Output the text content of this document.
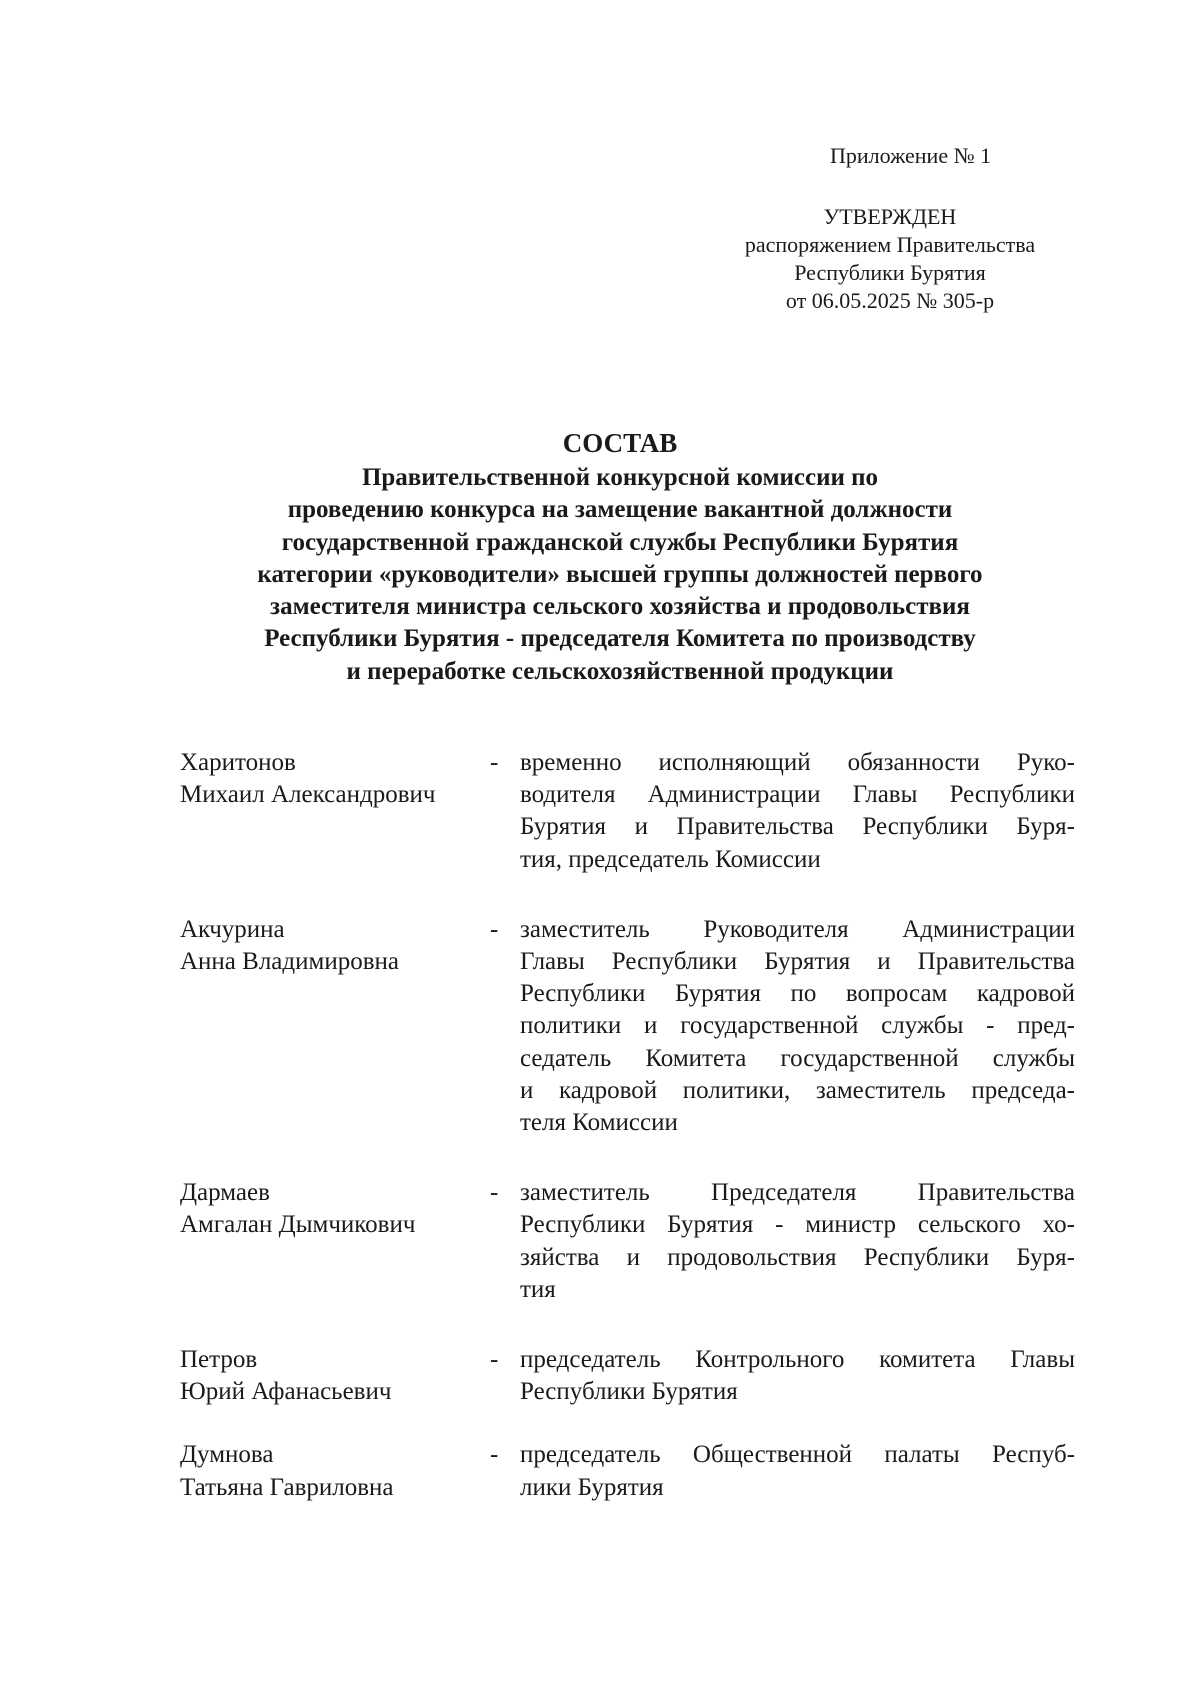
Приложение № 1
УТВЕРЖДЕН
распоряжением Правительства
Республики Бурятия
от 06.05.2025 № 305-р
СОСТАВ
Правительственной конкурсной комиссии по
проведению конкурса на замещение вакантной должности
государственной гражданской службы Республики Бурятия
категории «руководители» высшей группы должностей первого
заместителя министра сельского хозяйства и продовольствия
Республики Бурятия - председателя Комитета по производству
и переработке сельскохозяйственной продукции
Харитонов
Михаил Александрович
- временно исполняющий обязанности Руко-
водителя Администрации Главы Республики
Бурятия и Правительства Республики Буря-
тия, председатель Комиссии
Акчурина
Анна Владимировна
- заместитель Руководителя Администрации
Главы Республики Бурятия и Правительства
Республики Бурятия по вопросам кадровой
политики и государственной службы - пред-
седатель Комитета государственной службы
и кадровой политики, заместитель председа-
теля Комиссии
Дармаев
Амгалан Дымчикович
- заместитель Председателя Правительства
Республики Бурятия - министр сельского хо-
зяйства и продовольствия Республики Буря-
тия
Петров
Юрий Афанасьевич
- председатель Контрольного комитета Главы
Республики Бурятия
Думнова
Татьяна Гавриловна
- председатель Общественной палаты Респуб-
лики Бурятия
